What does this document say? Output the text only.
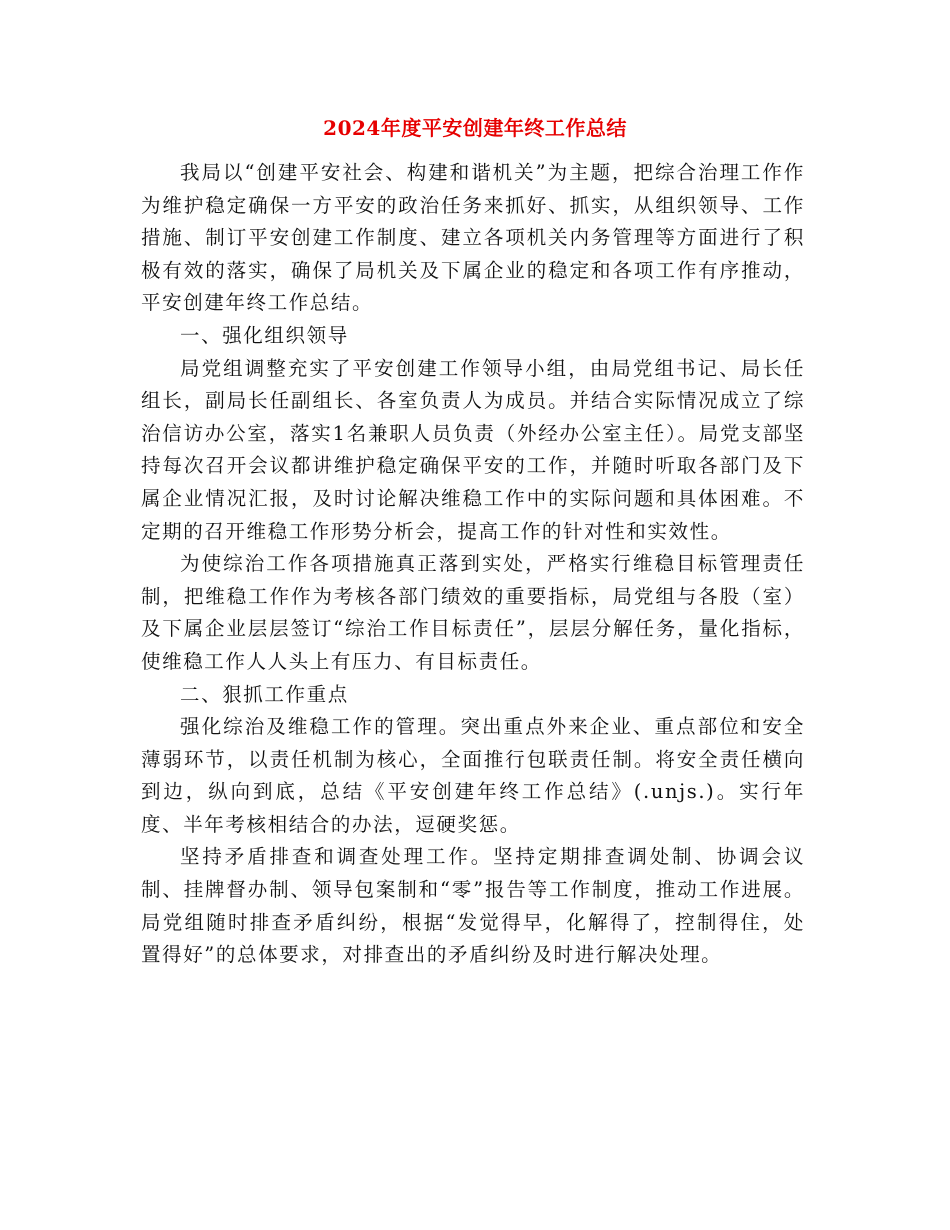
2024年度平安创建年终工作总结

我局以“创建平安社会、构建和谐机关”为主题，把综合治理工作作为维护稳定确保一方平安的政治任务来抓好、抓实，从组织领导、工作措施、制订平安创建工作制度、建立各项机关内务管理等方面进行了积极有效的落实，确保了局机关及下属企业的稳定和各项工作有序推动，平安创建年终工作总结。

一、强化组织领导

局党组调整充实了平安创建工作领导小组，由局党组书记、局长任组长，副局长任副组长、各室负责人为成员。并结合实际情况成立了综治信访办公室，落实1名兼职人员负责（外经办公室主任）。局党支部坚持每次召开会议都讲维护稳定确保平安的工作，并随时听取各部门及下属企业情况汇报，及时讨论解决维稳工作中的实际问题和具体困难。不定期的召开维稳工作形势分析会，提高工作的针对性和实效性。

为使综治工作各项措施真正落到实处，严格实行维稳目标管理责任制，把维稳工作作为考核各部门绩效的重要指标，局党组与各股（室）及下属企业层层签订“综治工作目标责任”，层层分解任务，量化指标，使维稳工作人人头上有压力、有目标责任。

二、狠抓工作重点

强化综治及维稳工作的管理。突出重点外来企业、重点部位和安全薄弱环节，以责任机制为核心，全面推行包联责任制。将安全责任横向到边，纵向到底，总结《平安创建年终工作总结》(.unjs.)。实行年度、半年考核相结合的办法，逗硬奖惩。

坚持矛盾排查和调查处理工作。坚持定期排查调处制、协调会议制、挂牌督办制、领导包案制和“零”报告等工作制度，推动工作进展。局党组随时排查矛盾纠纷，根据“发觉得早，化解得了，控制得住，处置得好”的总体要求，对排查出的矛盾纠纷及时进行解决处理。
